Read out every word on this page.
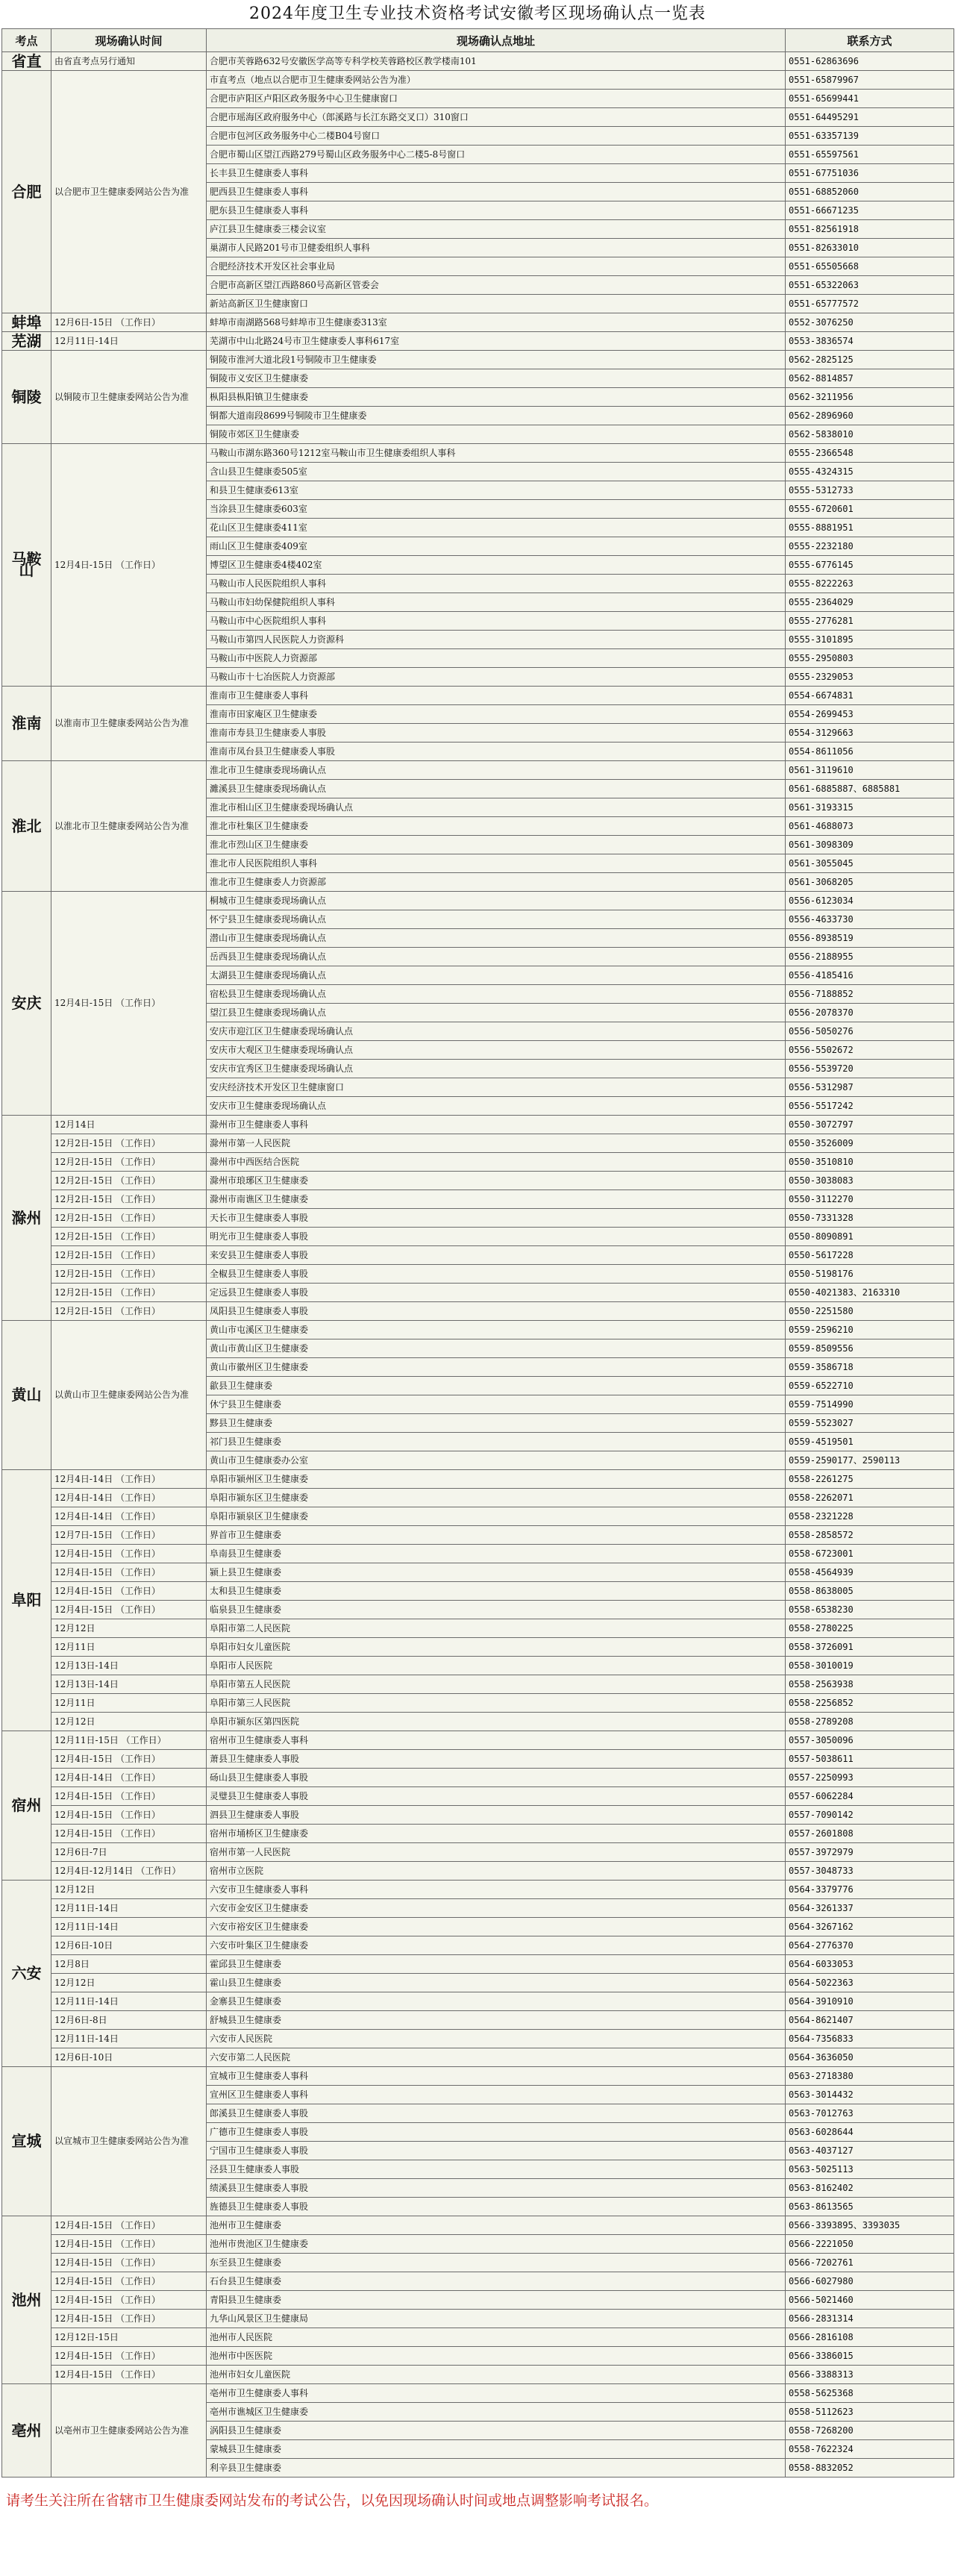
2024年度卫生专业技术资格考试安徽考区现场确认点一览表
考点	现场确认时间	现场确认点地址	联系方式
省直	由省直考点另行通知	合肥市芙蓉路632号安徽医学高等专科学校芙蓉路校区教学楼南101	0551-62863696
合肥	以合肥市卫生健康委网站公告为准	市直考点（地点以合肥市卫生健康委网站公告为准）	0551-65879967
		合肥市庐阳区卢阳区政务服务中心卫生健康窗口	0551-65699441
		合肥市瑶海区政府服务中心（郎溪路与长江东路交叉口）310窗口	0551-64495291
		合肥市包河区政务服务中心二楼B04号窗口	0551-63357139
		合肥市蜀山区望江西路279号蜀山区政务服务中心二楼5-8号窗口	0551-65597561
		长丰县卫生健康委人事科	0551-67751036
		肥西县卫生健康委人事科	0551-68852060
		肥东县卫生健康委人事科	0551-66671235
		庐江县卫生健康委三楼会议室	0551-82561918
		巢湖市人民路201号市卫健委组织人事科	0551-82633010
		合肥经济技术开发区社会事业局	0551-65505668
		合肥市高新区望江西路860号高新区管委会	0551-65322063
		新站高新区卫生健康窗口	0551-65777572
蚌埠	12月6日-15日 （工作日）	蚌埠市南湖路568号蚌埠市卫生健康委313室	0552-3076250
芜湖	12月11日-14日	芜湖市中山北路24号市卫生健康委人事科617室	0553-3836574
铜陵	以铜陵市卫生健康委网站公告为准	铜陵市淮河大道北段1号铜陵市卫生健康委	0562-2825125
		铜陵市义安区卫生健康委	0562-8814857
		枞阳县枞阳镇卫生健康委	0562-3211956
		铜都大道南段8699号铜陵市卫生健康委	0562-2896960
		铜陵市郊区卫生健康委	0562-5838010
马鞍山	12月4日-15日 （工作日）	马鞍山市湖东路360号1212室马鞍山市卫生健康委组织人事科	0555-2366548
		含山县卫生健康委505室	0555-4324315
		和县卫生健康委613室	0555-5312733
		当涂县卫生健康委603室	0555-6720601
		花山区卫生健康委411室	0555-8881951
		雨山区卫生健康委409室	0555-2232180
		博望区卫生健康委4楼402室	0555-6776145
		马鞍山市人民医院组织人事科	0555-8222263
		马鞍山市妇幼保健院组织人事科	0555-2364029
		马鞍山市中心医院组织人事科	0555-2776281
		马鞍山市第四人民医院人力资源科	0555-3101895
		马鞍山市中医院人力资源部	0555-2950803
		马鞍山市十七冶医院人力资源部	0555-2329053
淮南	以淮南市卫生健康委网站公告为准	淮南市卫生健康委人事科	0554-6674831
		淮南市田家庵区卫生健康委	0554-2699453
		淮南市寿县卫生健康委人事股	0554-3129663
		淮南市凤台县卫生健康委人事股	0554-8611056
淮北	以淮北市卫生健康委网站公告为准	淮北市卫生健康委现场确认点	0561-3119610
		濉溪县卫生健康委现场确认点	0561-6885887、6885881
		淮北市相山区卫生健康委现场确认点	0561-3193315
		淮北市杜集区卫生健康委	0561-4688073
		淮北市烈山区卫生健康委	0561-3098309
		淮北市人民医院组织人事科	0561-3055045
		淮北市卫生健康委人力资源部	0561-3068205
安庆	12月4日-15日 （工作日）	桐城市卫生健康委现场确认点	0556-6123034
		怀宁县卫生健康委现场确认点	0556-4633730
		潜山市卫生健康委现场确认点	0556-8938519
		岳西县卫生健康委现场确认点	0556-2188955
		太湖县卫生健康委现场确认点	0556-4185416
		宿松县卫生健康委现场确认点	0556-7188852
		望江县卫生健康委现场确认点	0556-2078370
		安庆市迎江区卫生健康委现场确认点	0556-5050276
		安庆市大观区卫生健康委现场确认点	0556-5502672
		安庆市宜秀区卫生健康委现场确认点	0556-5539720
		安庆经济技术开发区卫生健康窗口	0556-5312987
		安庆市卫生健康委现场确认点	0556-5517242
滁州	12月14日	滁州市卫生健康委人事科	0550-3072797
	12月2日-15日 （工作日）	滁州市第一人民医院	0550-3526009
	12月2日-15日 （工作日）	滁州市中西医结合医院	0550-3510810
	12月2日-15日 （工作日）	滁州市琅琊区卫生健康委	0550-3038083
	12月2日-15日 （工作日）	滁州市南谯区卫生健康委	0550-3112270
	12月2日-15日 （工作日）	天长市卫生健康委人事股	0550-7331328
	12月2日-15日 （工作日）	明光市卫生健康委人事股	0550-8090891
	12月2日-15日 （工作日）	来安县卫生健康委人事股	0550-5617228
	12月2日-15日 （工作日）	全椒县卫生健康委人事股	0550-5198176
	12月2日-15日 （工作日）	定远县卫生健康委人事股	0550-4021383、2163310
	12月2日-15日 （工作日）	凤阳县卫生健康委人事股	0550-2251580
黄山	以黄山市卫生健康委网站公告为准	黄山市屯溪区卫生健康委	0559-2596210
		黄山市黄山区卫生健康委	0559-8509556
		黄山市徽州区卫生健康委	0559-3586718
		歙县卫生健康委	0559-6522710
		休宁县卫生健康委	0559-7514990
		黟县卫生健康委	0559-5523027
		祁门县卫生健康委	0559-4519501
		黄山市卫生健康委办公室	0559-2590177、2590113
阜阳	12月4日-14日 （工作日）	阜阳市颍州区卫生健康委	0558-2261275
	12月4日-14日 （工作日）	阜阳市颍东区卫生健康委	0558-2262071
	12月4日-14日 （工作日）	阜阳市颍泉区卫生健康委	0558-2321228
	12月7日-15日 （工作日）	界首市卫生健康委	0558-2858572
	12月4日-15日 （工作日）	阜南县卫生健康委	0558-6723001
	12月4日-15日 （工作日）	颍上县卫生健康委	0558-4564939
	12月4日-15日 （工作日）	太和县卫生健康委	0558-8638005
	12月4日-15日 （工作日）	临泉县卫生健康委	0558-6538230
	12月12日	阜阳市第二人民医院	0558-2780225
	12月11日	阜阳市妇女儿童医院	0558-3726091
	12月13日-14日	阜阳市人民医院	0558-3010019
	12月13日-14日	阜阳市第五人民医院	0558-2563938
	12月11日	阜阳市第三人民医院	0558-2256852
	12月12日	阜阳市颍东区第四医院	0558-2789208
宿州	12月11日-15日 （工作日）	宿州市卫生健康委人事科	0557-3050096
	12月4日-15日 （工作日）	萧县卫生健康委人事股	0557-5038611
	12月4日-14日 （工作日）	砀山县卫生健康委人事股	0557-2250993
	12月4日-15日 （工作日）	灵璧县卫生健康委人事股	0557-6062284
	12月4日-15日 （工作日）	泗县卫生健康委人事股	0557-7090142
	12月4日-15日 （工作日）	宿州市埇桥区卫生健康委	0557-2601808
	12月6日-7日	宿州市第一人民医院	0557-3972979
	12月4日-12月14日 （工作日）	宿州市立医院	0557-3048733
六安	12月12日	六安市卫生健康委人事科	0564-3379776
	12月11日-14日	六安市金安区卫生健康委	0564-3261337
	12月11日-14日	六安市裕安区卫生健康委	0564-3267162
	12月6日-10日	六安市叶集区卫生健康委	0564-2776370
	12月8日	霍邱县卫生健康委	0564-6033053
	12月12日	霍山县卫生健康委	0564-5022363
	12月11日-14日	金寨县卫生健康委	0564-3910910
	12月6日-8日	舒城县卫生健康委	0564-8621407
	12月11日-14日	六安市人民医院	0564-7356833
	12月6日-10日	六安市第二人民医院	0564-3636050
宣城	以宣城市卫生健康委网站公告为准	宣城市卫生健康委人事科	0563-2718380
		宣州区卫生健康委人事科	0563-3014432
		郎溪县卫生健康委人事股	0563-7012763
		广德市卫生健康委人事股	0563-6028644
		宁国市卫生健康委人事股	0563-4037127
		泾县卫生健康委人事股	0563-5025113
		绩溪县卫生健康委人事股	0563-8162402
		旌德县卫生健康委人事股	0563-8613565
池州	12月4日-15日 （工作日）	池州市卫生健康委	0566-3393895、3393035
	12月4日-15日 （工作日）	池州市贵池区卫生健康委	0566-2221050
	12月4日-15日 （工作日）	东至县卫生健康委	0566-7202761
	12月4日-15日 （工作日）	石台县卫生健康委	0566-6027980
	12月4日-15日 （工作日）	青阳县卫生健康委	0566-5021460
	12月4日-15日 （工作日）	九华山风景区卫生健康局	0566-2831314
	12月12日-15日	池州市人民医院	0566-2816108
	12月4日-15日 （工作日）	池州市中医医院	0566-3386015
	12月4日-15日 （工作日）	池州市妇女儿童医院	0566-3388313
亳州	以亳州市卫生健康委网站公告为准	亳州市卫生健康委人事科	0558-5625368
		亳州市谯城区卫生健康委	0558-5112623
		涡阳县卫生健康委	0558-7268200
		蒙城县卫生健康委	0558-7622324
		利辛县卫生健康委	0558-8832052
请考生关注所在省辖市卫生健康委网站发布的考试公告，以免因现场确认时间或地点调整影响考试报名。
